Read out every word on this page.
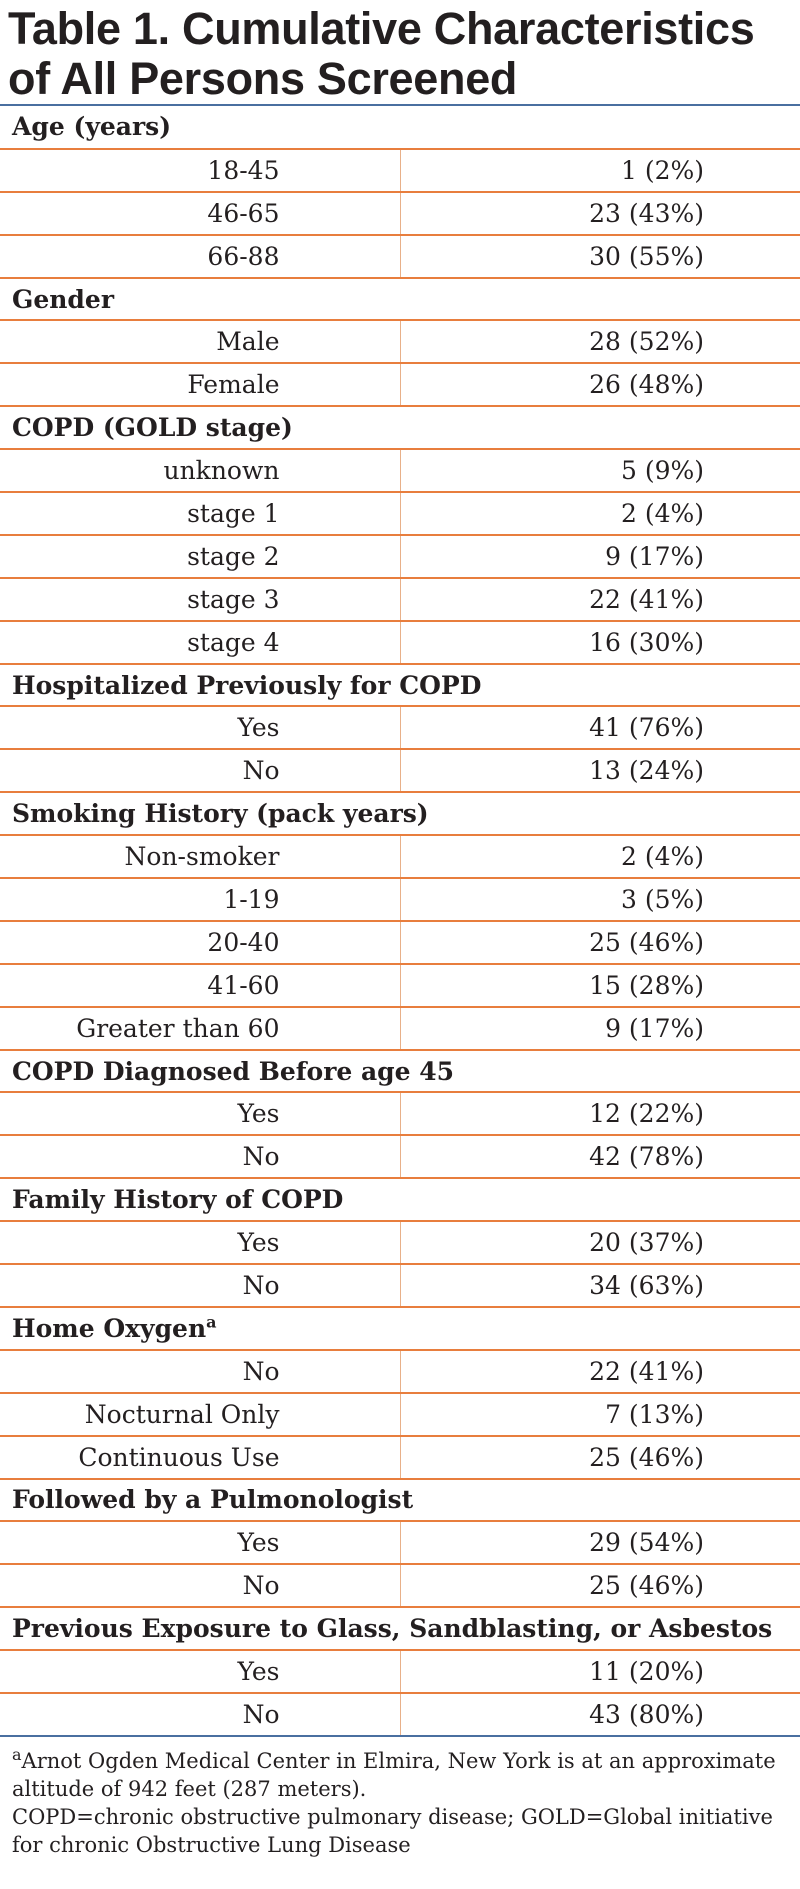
Table 1. Cumulative Characteristics of All Persons Screened
Age (years)	
18-45	1 (2%)
46-65	23 (43%)
66-88	30 (55%)
Gender	
Male	28 (52%)
Female	26 (48%)
COPD (GOLD stage)	
unknown	5 (9%)
stage 1	2 (4%)
stage 2	9 (17%)
stage 3	22 (41%)
stage 4	16 (30%)
Hospitalized Previously for COPD	
Yes	41 (76%)
No	13 (24%)
Smoking History (pack years)	
Non-smoker	2 (4%)
1-19	3 (5%)
20-40	25 (46%)
41-60	15 (28%)
Greater than 60	9 (17%)
COPD Diagnosed Before age 45	
Yes	12 (22%)
No	42 (78%)
Family History of COPD	
Yes	20 (37%)
No	34 (63%)
Home Oxygen$^a$
No	22 (41%)
Nocturnal Only	7 (13%)
Continuous Use	25 (46%)
Followed by a Pulmonologist	
Yes	29 (54%)
No	25 (46%)
Previous Exposure to Glass, Sandblasting, or Asbestos	
Yes	11 (20%)
No	43 (80%)
$^a$Arnot Ogden Medical Center in Elmira, New York is at an approximate altitude of 942 feet (287 meters).
COPD=chronic obstructive pulmonary disease; GOLD=Global initiative for chronic Obstructive Lung Disease
